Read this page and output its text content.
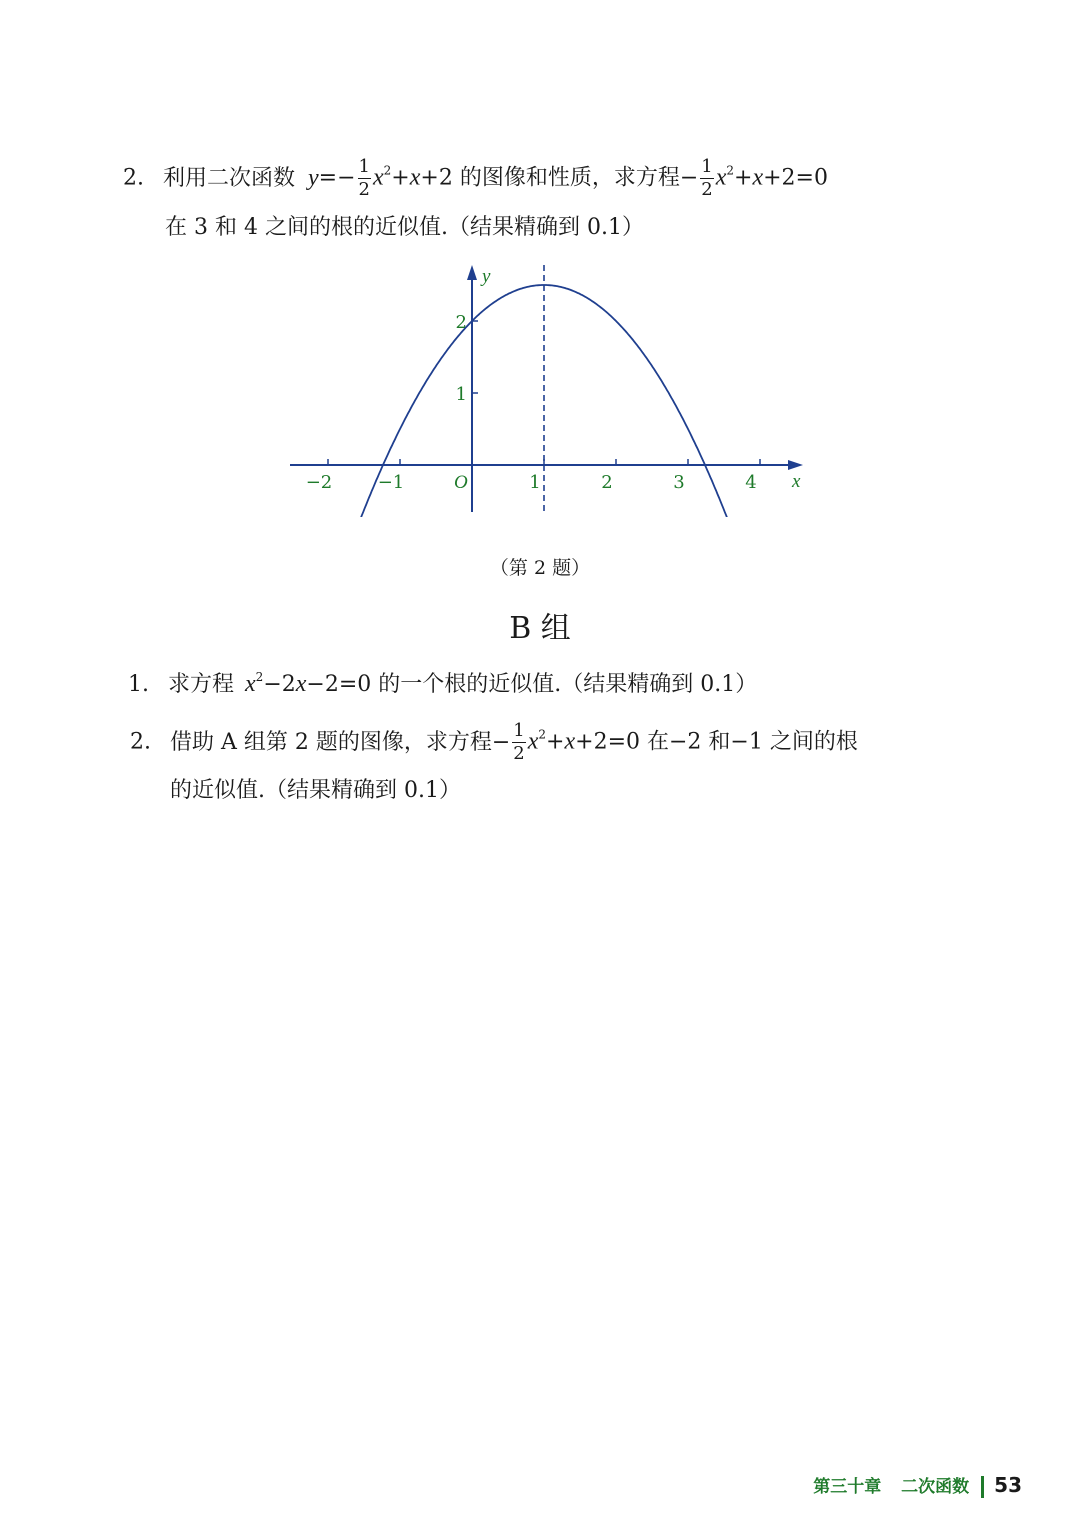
2. 利用二次函数 $y=- \frac{1}{2} x^2+x+2$ 的图像和性质，求方程− $\frac{1}{2} x^2+x+2=0$
在 3 和 4 之间的根的近似值.（结果精确到 0.1）
−2	−1	1	2	3	4
1
2
x
y
O
（第 2 题）
B 组
1. 求方程 $x^2-2x-2=0$ 的一个根的近似值.（结果精确到 0.1）
2. 借助 A 组第 2 题的图像，求方程− $\frac{1}{2} x^2+x+2=0$ 在−2 和−1 之间的根
的近似值.（结果精确到 0.1）
第三十章 二次函数 53
